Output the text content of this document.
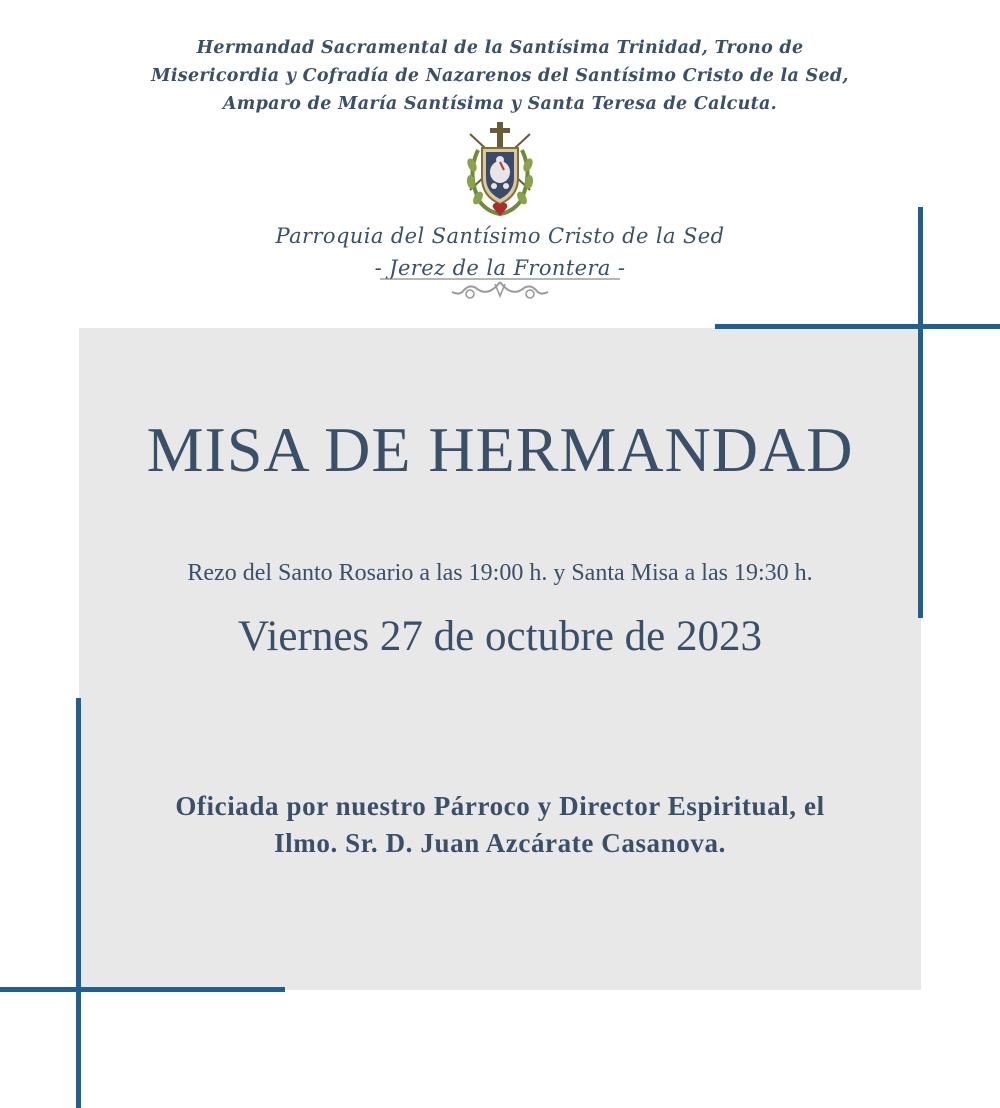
Hermandad Sacramental de la Santísima Trinidad, Trono de
Misericordia y Cofradía de Nazarenos del Santísimo Cristo de la Sed,
Amparo de María Santísima y Santa Teresa de Calcuta.
Parroquia del Santísimo Cristo de la Sed
- Jerez de la Frontera -
MISA DE HERMANDAD
Rezo del Santo Rosario a las 19:00 h. y Santa Misa a las 19:30 h.
Viernes 27 de octubre de 2023
Oficiada por nuestro Párroco y Director Espiritual, el
Ilmo. Sr. D. Juan Azcárate Casanova.
